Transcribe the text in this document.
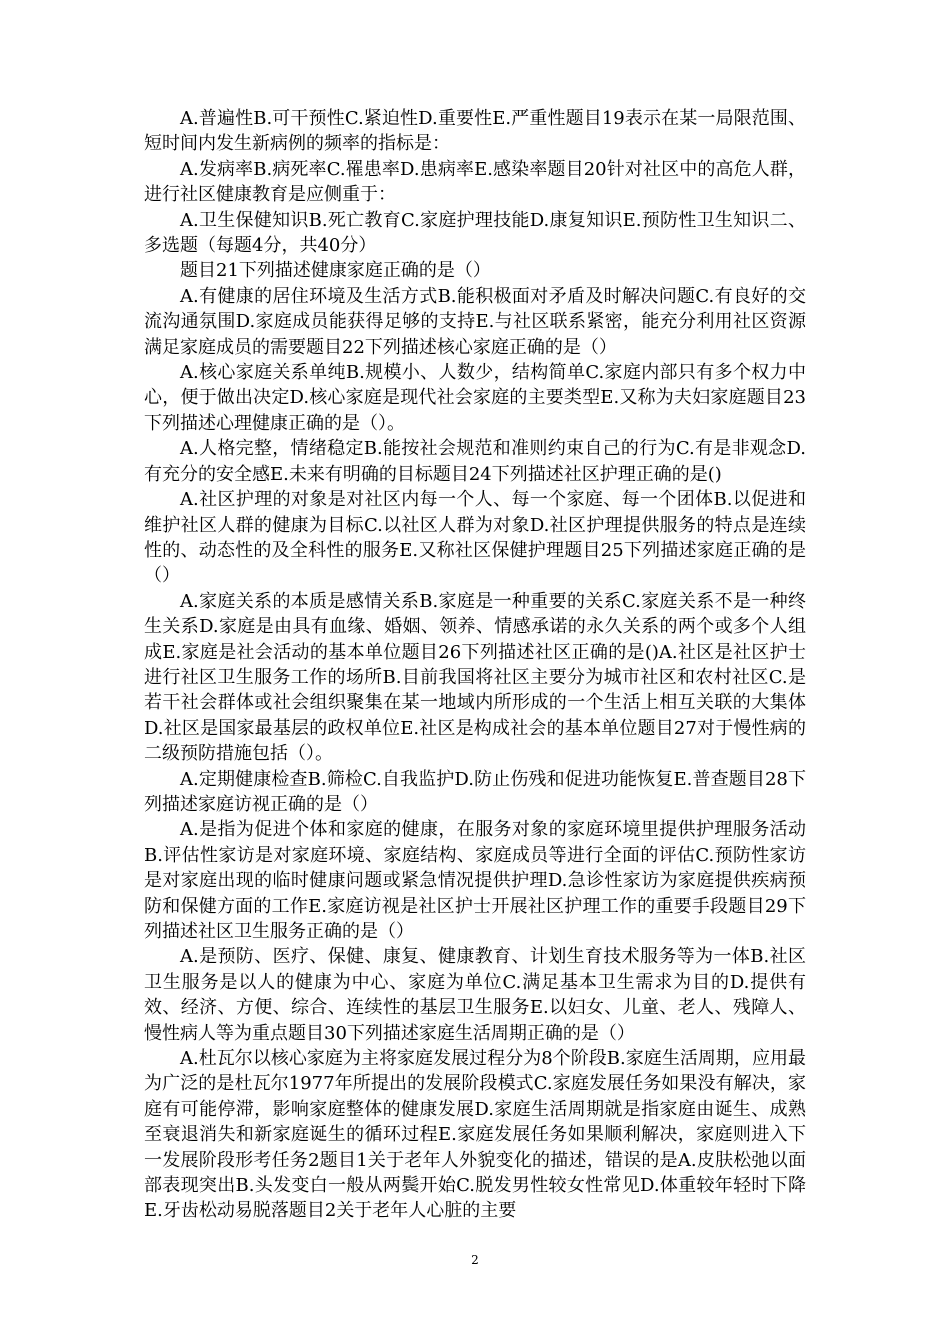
A.普遍性B.可干预性C.紧迫性D.重要性E.严重性题目19表示在某一局限范围、短时间内发生新病例的频率的指标是：

A.发病率B.病死率C.罹患率D.患病率E.感染率题目20针对社区中的高危人群，进行社区健康教育是应侧重于：

A.卫生保健知识B.死亡教育C.家庭护理技能D.康复知识E.预防性卫生知识二、多选题（每题4分，共40分）

题目21下列描述健康家庭正确的是（）

A.有健康的居住环境及生活方式B.能积极面对矛盾及时解决问题C.有良好的交流沟通氛围D.家庭成员能获得足够的支持E.与社区联系紧密，能充分利用社区资源满足家庭成员的需要题目22下列描述核心家庭正确的是（）

A.核心家庭关系单纯B.规模小、人数少，结构简单C.家庭内部只有多个权力中心，便于做出决定D.核心家庭是现代社会家庭的主要类型E.又称为夫妇家庭题目23下列描述心理健康正确的是（）。

A.人格完整，情绪稳定B.能按社会规范和准则约束自己的行为C.有是非观念D.有充分的安全感E.未来有明确的目标题目24下列描述社区护理正确的是()

A.社区护理的对象是对社区内每一个人、每一个家庭、每一个团体B.以促进和维护社区人群的健康为目标C.以社区人群为对象D.社区护理提供服务的特点是连续性的、动态性的及全科性的服务E.又称社区保健护理题目25下列描述家庭正确的是（）

A.家庭关系的本质是感情关系B.家庭是一种重要的关系C.家庭关系不是一种终生关系D.家庭是由具有血缘、婚姻、领养、情感承诺的永久关系的两个或多个人组成E.家庭是社会活动的基本单位题目26下列描述社区正确的是()A.社区是社区护士进行社区卫生服务工作的场所B.目前我国将社区主要分为城市社区和农村社区C.是若干社会群体或社会组织聚集在某一地域内所形成的一个生活上相互关联的大集体D.社区是国家最基层的政权单位E.社区是构成社会的基本单位题目27对于慢性病的二级预防措施包括（）。

A.定期健康检查B.筛检C.自我监护D.防止伤残和促进功能恢复E.普查题目28下列描述家庭访视正确的是（）

A.是指为促进个体和家庭的健康，在服务对象的家庭环境里提供护理服务活动B.评估性家访是对家庭环境、家庭结构、家庭成员等进行全面的评估C.预防性家访是对家庭出现的临时健康问题或紧急情况提供护理D.急诊性家访为家庭提供疾病预防和保健方面的工作E.家庭访视是社区护士开展社区护理工作的重要手段题目29下列描述社区卫生服务正确的是（）

A.是预防、医疗、保健、康复、健康教育、计划生育技术服务等为一体B.社区卫生服务是以人的健康为中心、家庭为单位C.满足基本卫生需求为目的D.提供有效、经济、方便、综合、连续性的基层卫生服务E.以妇女、儿童、老人、残障人、慢性病人等为重点题目30下列描述家庭生活周期正确的是（）

A.杜瓦尔以核心家庭为主将家庭发展过程分为8个阶段B.家庭生活周期，应用最为广泛的是杜瓦尔1977年所提出的发展阶段模式C.家庭发展任务如果没有解决，家庭有可能停滞，影响家庭整体的健康发展D.家庭生活周期就是指家庭由诞生、成熟至衰退消失和新家庭诞生的循环过程E.家庭发展任务如果顺利解决，家庭则进入下一发展阶段形考任务2题目1关于老年人外貌变化的描述，错误的是A.皮肤松弛以面部表现突出B.头发变白一般从两鬓开始C.脱发男性较女性常见D.体重较年轻时下降E.牙齿松动易脱落题目2关于老年人心脏的主要

2
